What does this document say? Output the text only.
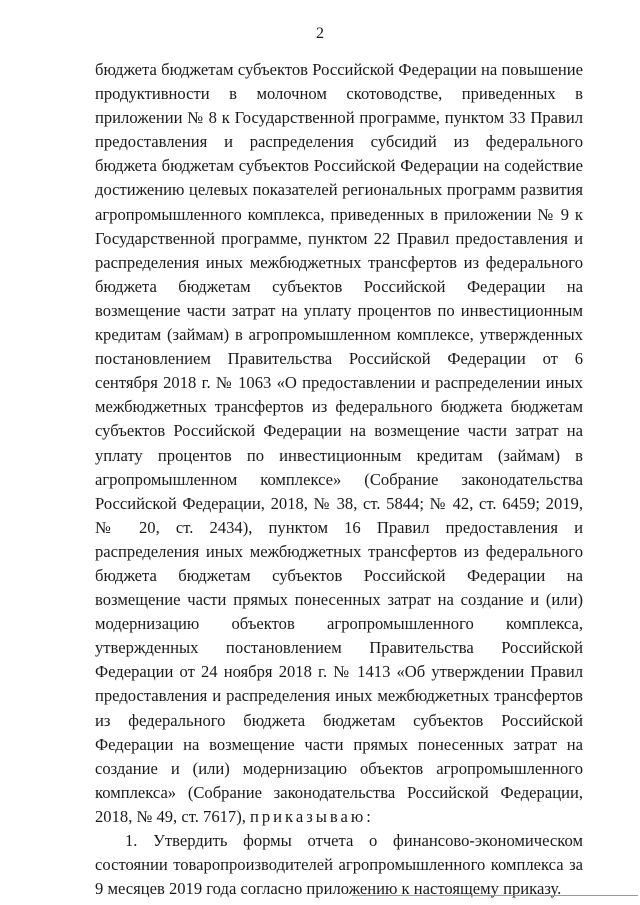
2

бюджета бюджетам субъектов Российской Федерации на повышение продуктивности в молочном скотоводстве, приведенных в приложении № 8 к Государственной программе, пунктом 33 Правил предоставления и распределения субсидий из федерального бюджета бюджетам субъектов Российской Федерации на содействие достижению целевых показателей региональных программ развития агропромышленного комплекса, приведенных в приложении № 9 к Государственной программе, пунктом 22 Правил предоставления и распределения иных межбюджетных трансфертов из федерального бюджета бюджетам субъектов Российской Федерации на возмещение части затрат на уплату процентов по инвестиционным кредитам (займам) в агропромышленном комплексе, утвержденных постановлением Правительства Российской Федерации от 6 сентября 2018 г. № 1063 «О предоставлении и распределении иных межбюджетных трансфертов из федерального бюджета бюджетам субъектов Российской Федерации на возмещение части затрат на уплату процентов по инвестиционным кредитам (займам) в агропромышленном комплексе» (Собрание законодательства Российской Федерации, 2018, № 38, ст. 5844; № 42, ст. 6459; 2019, № 20, ст. 2434), пунктом 16 Правил предоставления и распределения иных межбюджетных трансфертов из федерального бюджета бюджетам субъектов Российской Федерации на возмещение части прямых понесенных затрат на создание и (или) модернизацию объектов агропромышленного комплекса, утвержденных постановлением Правительства Российской Федерации от 24 ноября 2018 г. № 1413 «Об утверждении Правил предоставления и распределения иных межбюджетных трансфертов из федерального бюджета бюджетам субъектов Российской Федерации на возмещение части прямых понесенных затрат на создание и (или) модернизацию объектов агропромышленного комплекса» (Собрание законодательства Российской Федерации, 2018, № 49, ст. 7617), приказываю:

1. Утвердить формы отчета о финансово-экономическом состоянии товаропроизводителей агропромышленного комплекса за 9 месяцев 2019 года согласно приложению к настоящему приказу.
